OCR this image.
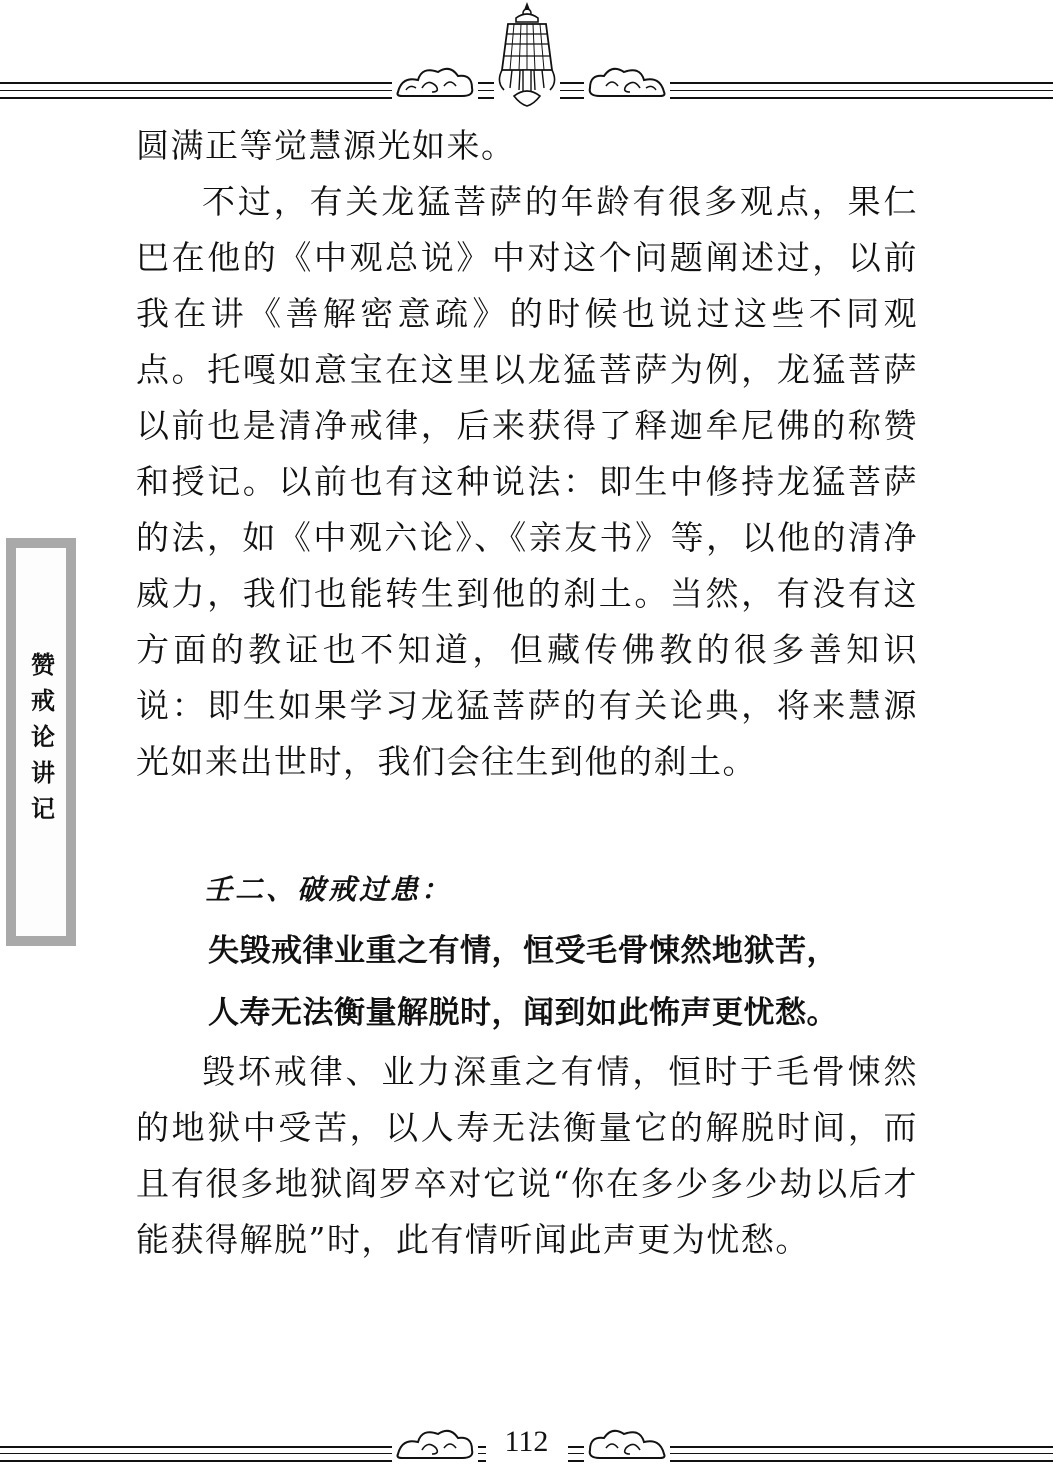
赞戒论讲记

圆满正等觉慧源光如来。

不过，有关龙猛菩萨的年龄有很多观点，果仁巴在他的《中观总说》中对这个问题阐述过，以前我在讲《善解密意疏》的时候也说过这些不同观点。托嘎如意宝在这里以龙猛菩萨为例，龙猛菩萨以前也是清净戒律，后来获得了释迦牟尼佛的称赞和授记。以前也有这种说法：即生中修持龙猛菩萨的法，如《中观六论》、《亲友书》等，以他的清净威力，我们也能转生到他的刹土。当然，有没有这方面的教证也不知道，但藏传佛教的很多善知识说：即生如果学习龙猛菩萨的有关论典，将来慧源光如来出世时，我们会往生到他的刹土。

壬二、破戒过患：
失毁戒律业重之有情，恒受毛骨悚然地狱苦，
人寿无法衡量解脱时，闻到如此怖声更忧愁。

毁坏戒律、业力深重之有情，恒时于毛骨悚然的地狱中受苦，以人寿无法衡量它的解脱时间，而且有很多地狱阎罗卒对它说“你在多少多少劫以后才能获得解脱”时，此有情听闻此声更为忧愁。

112
